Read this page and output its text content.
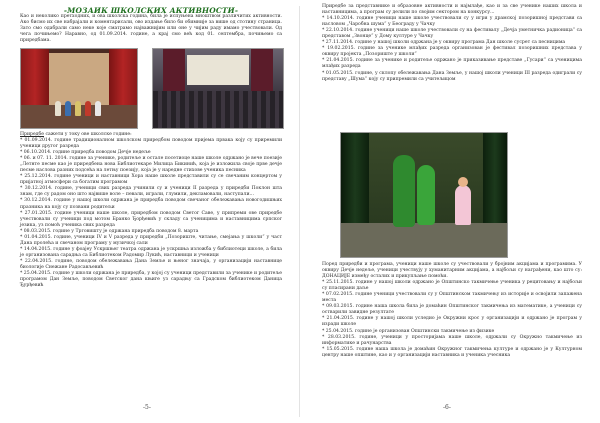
-МОЗАИК ШКОЛСКИХ АКТИВНОСТИ-
Као и неколико претходних, и ова школска година, била је испуњена мноштвом различитих активности. Ако бисмо их све набрајали и коментарисали, ово издање било би обимније за више од стотину страница. Зато смо одабрали само неке које сматрамо најважнијим или оне у чијим раду имамо учествовали. Од чега почињемо? Наравно, од 01.09.2014. године, а крај смо већ код 01. септембра, почињемо са приредбама.
Приредбе сажети у току ове школске године:
* 01.09.2014. године традиционалном школском приредбом поводом пријема првака коју су приремили ученици другог разреда
* 06.10.2014. године приредба поводом Дечје недеље
* 06. и 07. 11. 2014. године за ученике, родитеље и остале посетиоце наше школе одржано је вече поезије „Летнте песме као је приредбена нова Библиотекаре Милица Бикинић, која је изложила своје прве дечје песме наслова разних подсећа на летњу поезију, која је у наредне стихове ученика песника
* 25.12.2014. године ученици и наставници Хора наше школе представили су се свечаним концертом у пријатној атмосфери са богатим програмом
* 30.12.2014. године, ученици свих разреда учинили су и ученици II разреда у приредби Поклон шта знам, где су радом оно што највише воле – певали, играли, глумили, декламовали, наступали...
* 30.12.2014. године у нашој школи одржана је приредба поводом свечаног обележавања новогодишњих празника на коју су позвани родитељи
* 27.01.2015. године ученици наше школе, приредбом поводом Светог Саве, у припреми ове приредбе учествовали су ученици под мотом Бранко Ђорђевић у складу са ученицима и наставницима српског језика, уз помоћ ученика свих разреда
* 08.03.2015. године у Трговишту је одржана приредба поводом 8. марта
* 01.04.2015. године, ученици IV и V разреда у приредби „Позориште, читање, смејања у школи“ у част Дана пролећа и свечаном програму у музичкој сали
* 14.04.2015. године у фоајеу Ускршњег театра одржана је ускршња изложба у библиотеци школе, а била је организована сарадња са Библиотеком Радомир Лукић, наставници и ученици
* 22.04.2015. године, поводом обележавања Дана Земље и њеног значаја, у организацији наставнице биологије Снежане Радосављевић
* 25.04.2015. године у школи одржана је приредба, у којој су ученици представили за ученике и родитеље програмом Дан Земље, поводом Светског дана књиге уз сарадњу са Градском библиотеком Даница Ђурђевић
-5-
Приредбе за представнике и образовне активности и најмлађе, као и за све ученике наших школа и наставницима, а програм су делили по својим сектором на конкурсу...
* 14.10.2014. године ученици наше школе учествовали су у игри у драмској позоришној представи са насловом „Чаробна шума“ у Београду у Чачку
* 22.10.2014. године ученици наше школе учествовали су на фестивалу „Дечја уметничка радионица“ са представом „Звонце“ у Дому културе у Чачку
* 27.11.2014. године у нашој школи одржана је у оквиру програма Дан школе сусрет са песницима
* 19.02.2015. године за ученике млађих разреда организован је фестивал позоришних представа у оквиру пројекта „Позориште у школи“
* 21.04.2015. године за ученике и родитеље одржано је приказивање представе „Гусари“ са ученицима млађих разреда
* 01.05.2015. године, у склопу обележавања Дана Земље, у нашој школи ученици III разреда одиграли су представу „Шума“ коју су припремили са учитељицом
Поред приредби и програма, ученици наше школе су учествовали у бројним акцијама и програмима. У оквиру Дечје недеље, ученици учествују у хуманитарним акцијама, а најбољи су награђени, као што су: ДОНАЦИЈЕ између осталих и прикупљање помоћи.
* 25.11.2015. године у нашој школи одржано је Општинско такмичење ученика у рецитовању и најбољи су пласирани даље
* 07.02.2015. године ученици учествовали су у Општинском такмичењу из историје и освојили запажена места
* 09.03.2015. године наша школа била је домаћин Општинског такмичења из математике, а ученици су остварили завидне резултате
* 21.04.2015. године у нашој школи уследио је Окружни крос у организацији и одржано је програм у изради школе
* 25.04.2015. године је организован Општински такмичење из физике
* 28.03.2015. године, ученици у просторијама наше школе, одржали су Окружно такмичење из информатике и рачунарства
* 15.05.2015. године наша школа је домаћин Окружног такмичења културе и одржано је у Културном центру наше општине, као и у организацији наставника и ученика учесника
-6-
